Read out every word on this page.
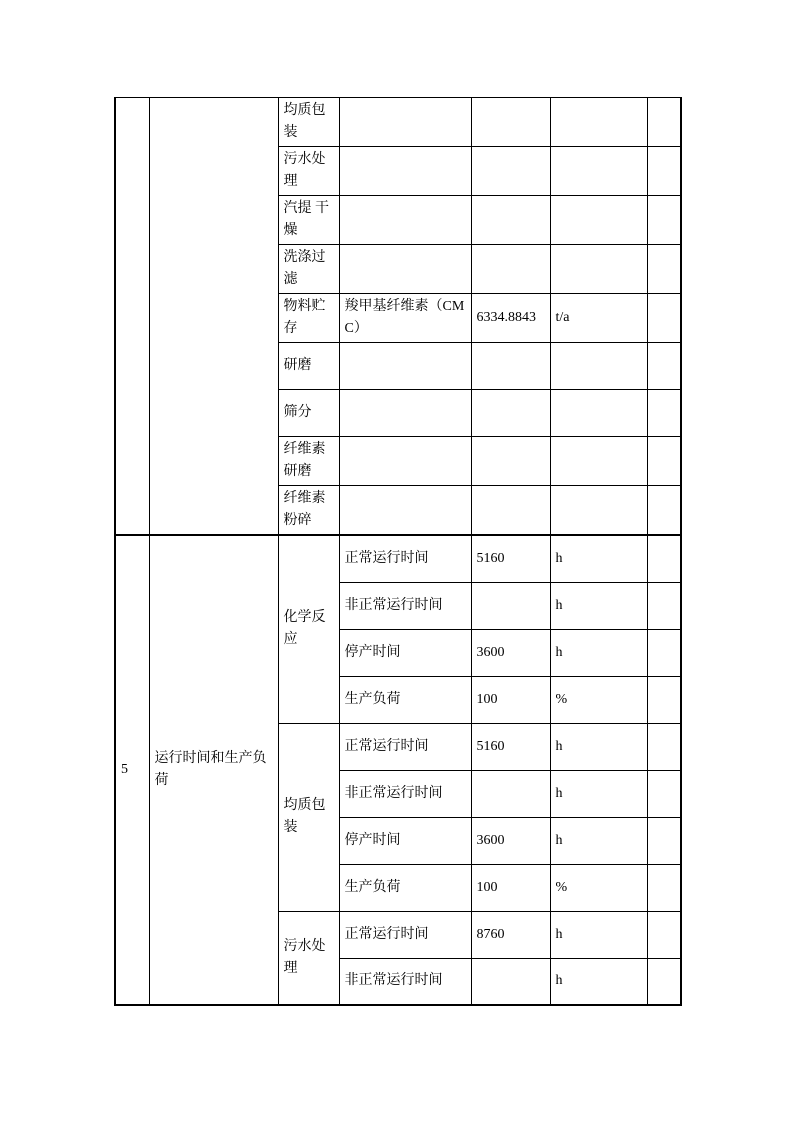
		均质包装				
		污水处理				
		汽提 干燥				
		洗涤过滤				
		物料贮存	羧甲基纤维素（CMC）	6334.8843	t/a	
		研磨				
		筛分				
		纤维素研磨				
		纤维素粉碎				
5	运行时间和生产负荷	化学反应	正常运行时间	5160	h	
			非正常运行时间		h	
			停产时间	3600	h	
			生产负荷	100	%	
		均质包装	正常运行时间	5160	h	
			非正常运行时间		h	
			停产时间	3600	h	
			生产负荷	100	%	
		污水处理	正常运行时间	8760	h	
			非正常运行时间		h	
